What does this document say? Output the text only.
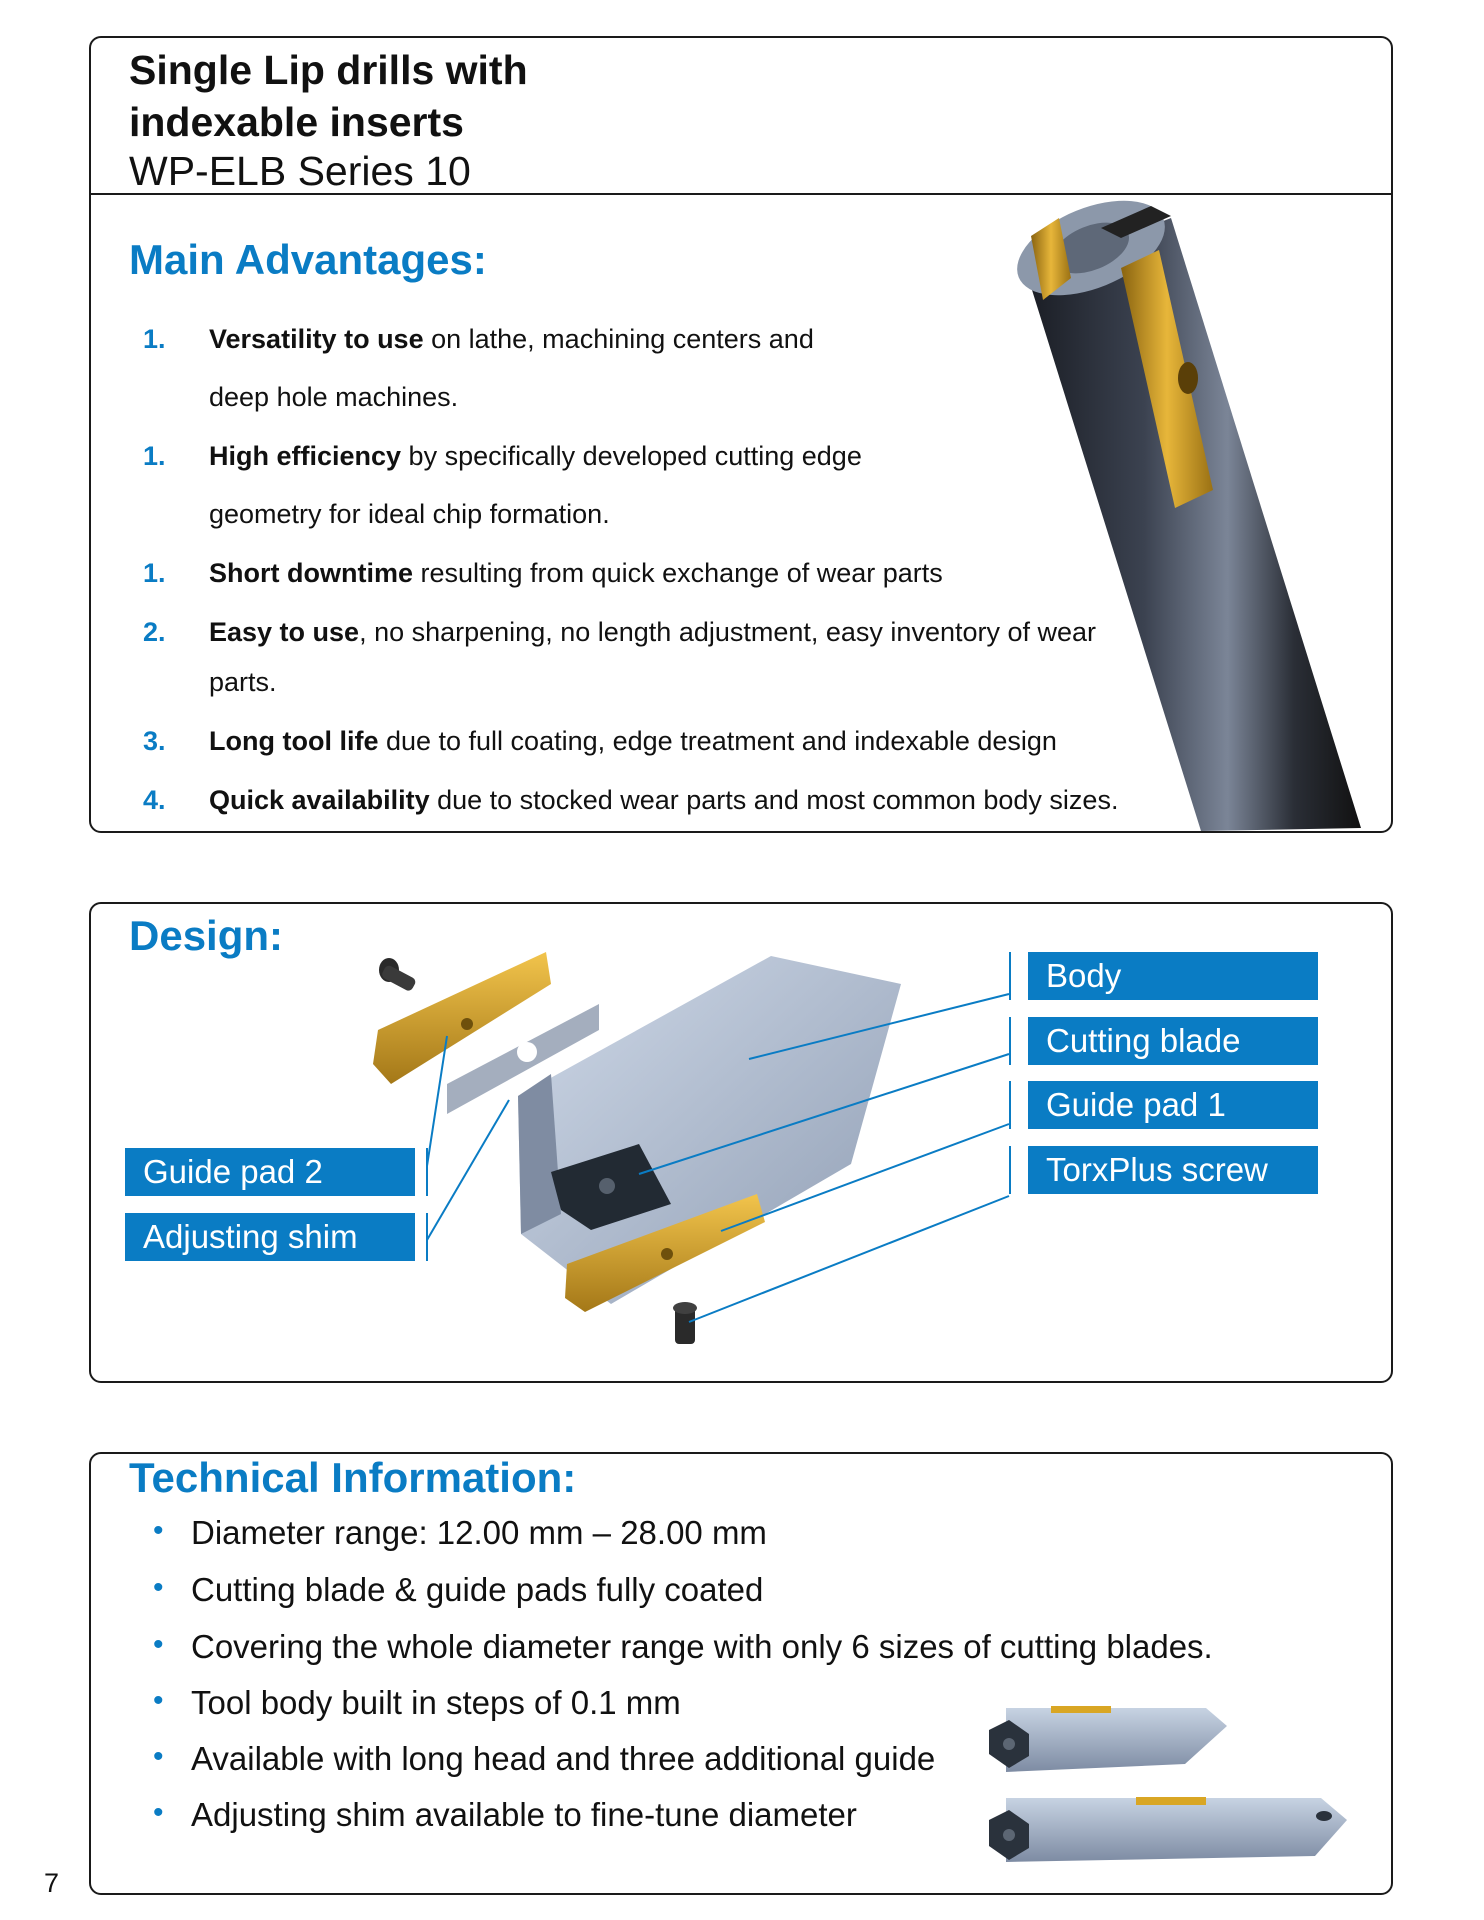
Single Lip drills with
indexable inserts
WP-ELB Series 10
Main Advantages:
1. Versatility to use on lathe, machining centers and
deep hole machines.
1. High efficiency by specifically developed cutting edge
geometry for ideal chip formation.
1. Short downtime resulting from quick exchange of wear parts
2. Easy to use, no sharpening, no length adjustment, easy inventory of wear
parts.
3. Long tool life due to full coating, edge treatment and indexable design
4. Quick availability due to stocked wear parts and most common body sizes.
Design:
Body
Cutting blade
Guide pad 1
TorxPlus screw
Guide pad 2
Adjusting shim
Technical Information:
• Diameter range: 12.00 mm – 28.00 mm
• Cutting blade & guide pads fully coated
• Covering the whole diameter range with only 6 sizes of cutting blades.
• Tool body built in steps of 0.1 mm
• Available with long head and three additional guide
• Adjusting shim available to fine-tune diameter
7
